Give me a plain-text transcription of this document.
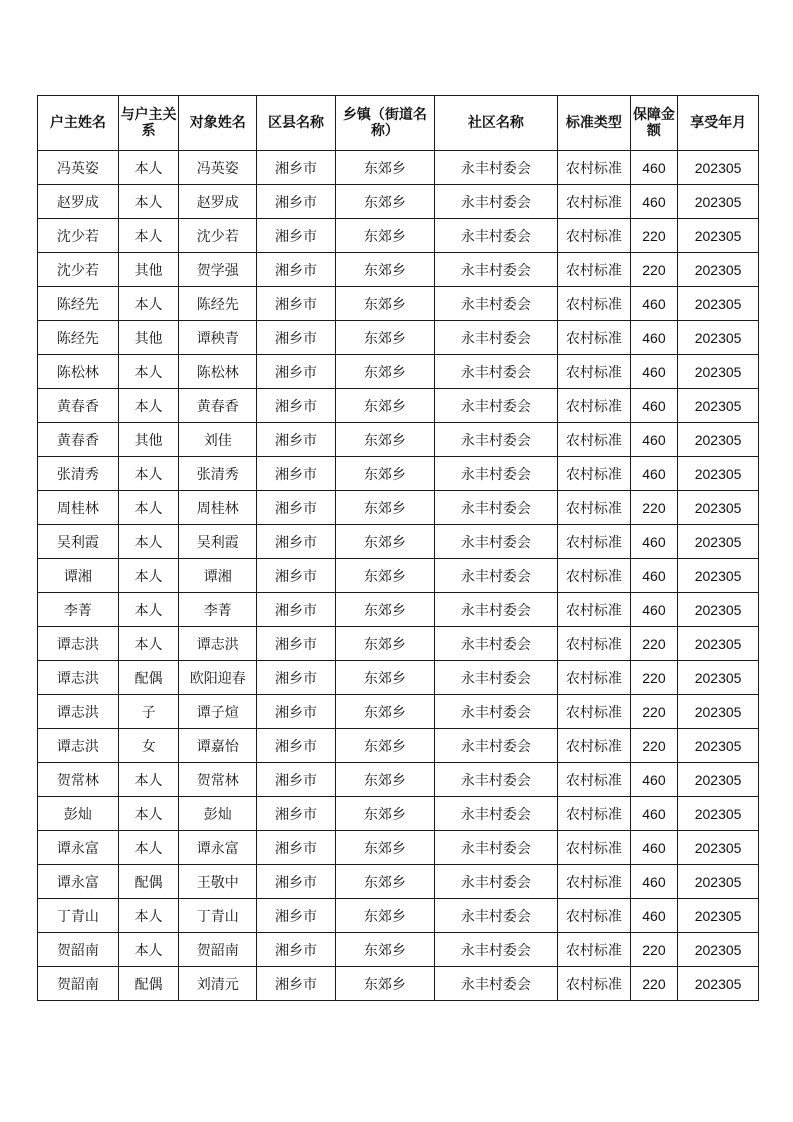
户主姓名	与户主关系	对象姓名	区县名称	乡镇（街道名称）	社区名称	标准类型	保障金额	享受年月
冯英姿	本人	冯英姿	湘乡市	东郊乡	永丰村委会	农村标准	460	202305
赵罗成	本人	赵罗成	湘乡市	东郊乡	永丰村委会	农村标准	460	202305
沈少若	本人	沈少若	湘乡市	东郊乡	永丰村委会	农村标准	220	202305
沈少若	其他	贺学强	湘乡市	东郊乡	永丰村委会	农村标准	220	202305
陈经先	本人	陈经先	湘乡市	东郊乡	永丰村委会	农村标准	460	202305
陈经先	其他	谭秧青	湘乡市	东郊乡	永丰村委会	农村标准	460	202305
陈松林	本人	陈松林	湘乡市	东郊乡	永丰村委会	农村标准	460	202305
黄春香	本人	黄春香	湘乡市	东郊乡	永丰村委会	农村标准	460	202305
黄春香	其他	刘佳	湘乡市	东郊乡	永丰村委会	农村标准	460	202305
张清秀	本人	张清秀	湘乡市	东郊乡	永丰村委会	农村标准	460	202305
周桂林	本人	周桂林	湘乡市	东郊乡	永丰村委会	农村标准	220	202305
吴利霞	本人	吴利霞	湘乡市	东郊乡	永丰村委会	农村标准	460	202305
谭湘	本人	谭湘	湘乡市	东郊乡	永丰村委会	农村标准	460	202305
李菁	本人	李菁	湘乡市	东郊乡	永丰村委会	农村标准	460	202305
谭志洪	本人	谭志洪	湘乡市	东郊乡	永丰村委会	农村标准	220	202305
谭志洪	配偶	欧阳迎春	湘乡市	东郊乡	永丰村委会	农村标准	220	202305
谭志洪	子	谭子煊	湘乡市	东郊乡	永丰村委会	农村标准	220	202305
谭志洪	女	谭嘉怡	湘乡市	东郊乡	永丰村委会	农村标准	220	202305
贺常林	本人	贺常林	湘乡市	东郊乡	永丰村委会	农村标准	460	202305
彭灿	本人	彭灿	湘乡市	东郊乡	永丰村委会	农村标准	460	202305
谭永富	本人	谭永富	湘乡市	东郊乡	永丰村委会	农村标准	460	202305
谭永富	配偶	王敬中	湘乡市	东郊乡	永丰村委会	农村标准	460	202305
丁青山	本人	丁青山	湘乡市	东郊乡	永丰村委会	农村标准	460	202305
贺韶南	本人	贺韶南	湘乡市	东郊乡	永丰村委会	农村标准	220	202305
贺韶南	配偶	刘清元	湘乡市	东郊乡	永丰村委会	农村标准	220	202305
